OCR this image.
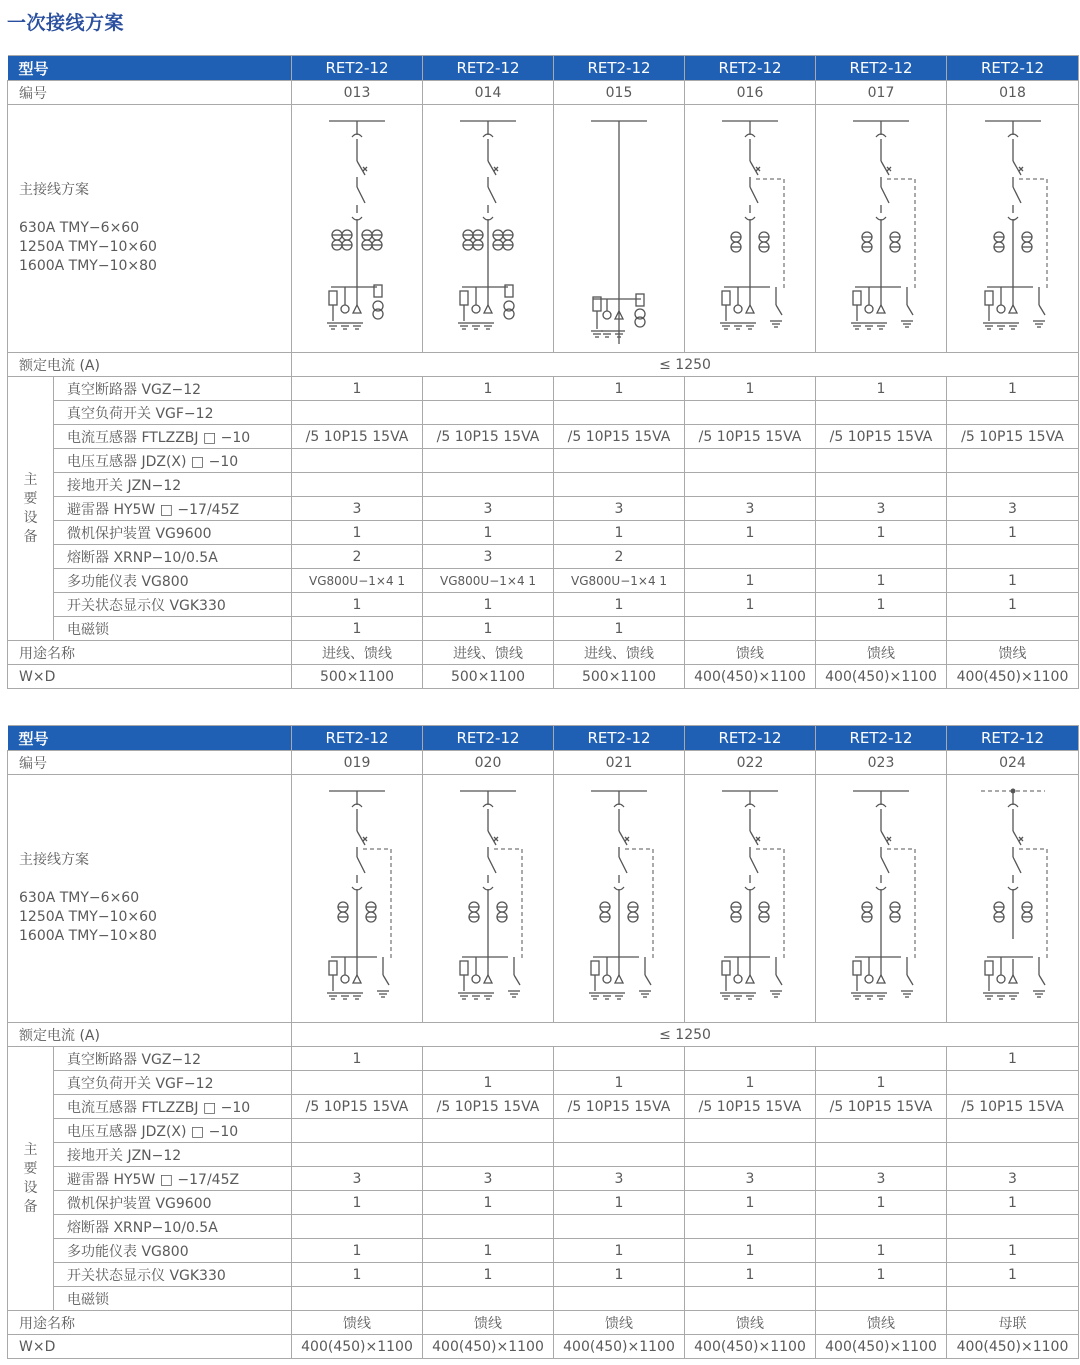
一次接线方案
型号		RET2-12	RET2-12	RET2-12	RET2-12	RET2-12	RET2-12
编号		013	014	015	016	017	018

主接线方案
630A TMY−6×60
1250A TMY−10×60
1600A TMY−10×80

额定电流 (A)		≤ 1250					

主
要
设
备	真空断路器 VGZ−12	1	1	1	1	1	1
	真空负荷开关 VGF−12						
	电流互感器 FTLZZBJ □ −10	/5 10P15 15VA	/5 10P15 15VA	/5 10P15 15VA	/5 10P15 15VA	/5 10P15 15VA	/5 10P15 15VA
	电压互感器 JDZ(X) □ −10						
	接地开关 JZN−12						
	避雷器 HY5W □ −17/45Z	3	3	3	3	3	3
	微机保护装置 VG9600	1	1	1	1	1	1
	熔断器 XRNP−10/0.5A	2	3	2			
	多功能仪表 VG800	VG800U−1×4 1	VG800U−1×4 1	VG800U−1×4 1	1	1	1
	开关状态显示仪 VGK330	1	1	1	1	1	1
	电磁锁	1	1	1			
用途名称		进线、馈线	进线、馈线	进线、馈线	馈线	馈线	馈线
W×D		500×1100	500×1100	500×1100	400(450)×1100	400(450)×1100	400(450)×1100
型号		RET2-12	RET2-12	RET2-12	RET2-12	RET2-12	RET2-12
编号		019	020	021	022	023	024

主接线方案
630A TMY−6×60
1250A TMY−10×60
1600A TMY−10×80

额定电流 (A)		≤ 1250					

主
要
设
备	真空断路器 VGZ−12	1					1
	真空负荷开关 VGF−12		1	1	1	1	
	电流互感器 FTLZZBJ □ −10	/5 10P15 15VA	/5 10P15 15VA	/5 10P15 15VA	/5 10P15 15VA	/5 10P15 15VA	/5 10P15 15VA
	电压互感器 JDZ(X) □ −10						
	接地开关 JZN−12						
	避雷器 HY5W □ −17/45Z	3	3	3	3	3	3
	微机保护装置 VG9600	1	1	1	1	1	1
	熔断器 XRNP−10/0.5A						
	多功能仪表 VG800	1	1	1	1	1	1
	开关状态显示仪 VGK330	1	1	1	1	1	1
	电磁锁						
用途名称		馈线	馈线	馈线	馈线	馈线	母联
W×D		400(450)×1100	400(450)×1100	400(450)×1100	400(450)×1100	400(450)×1100	400(450)×1100
